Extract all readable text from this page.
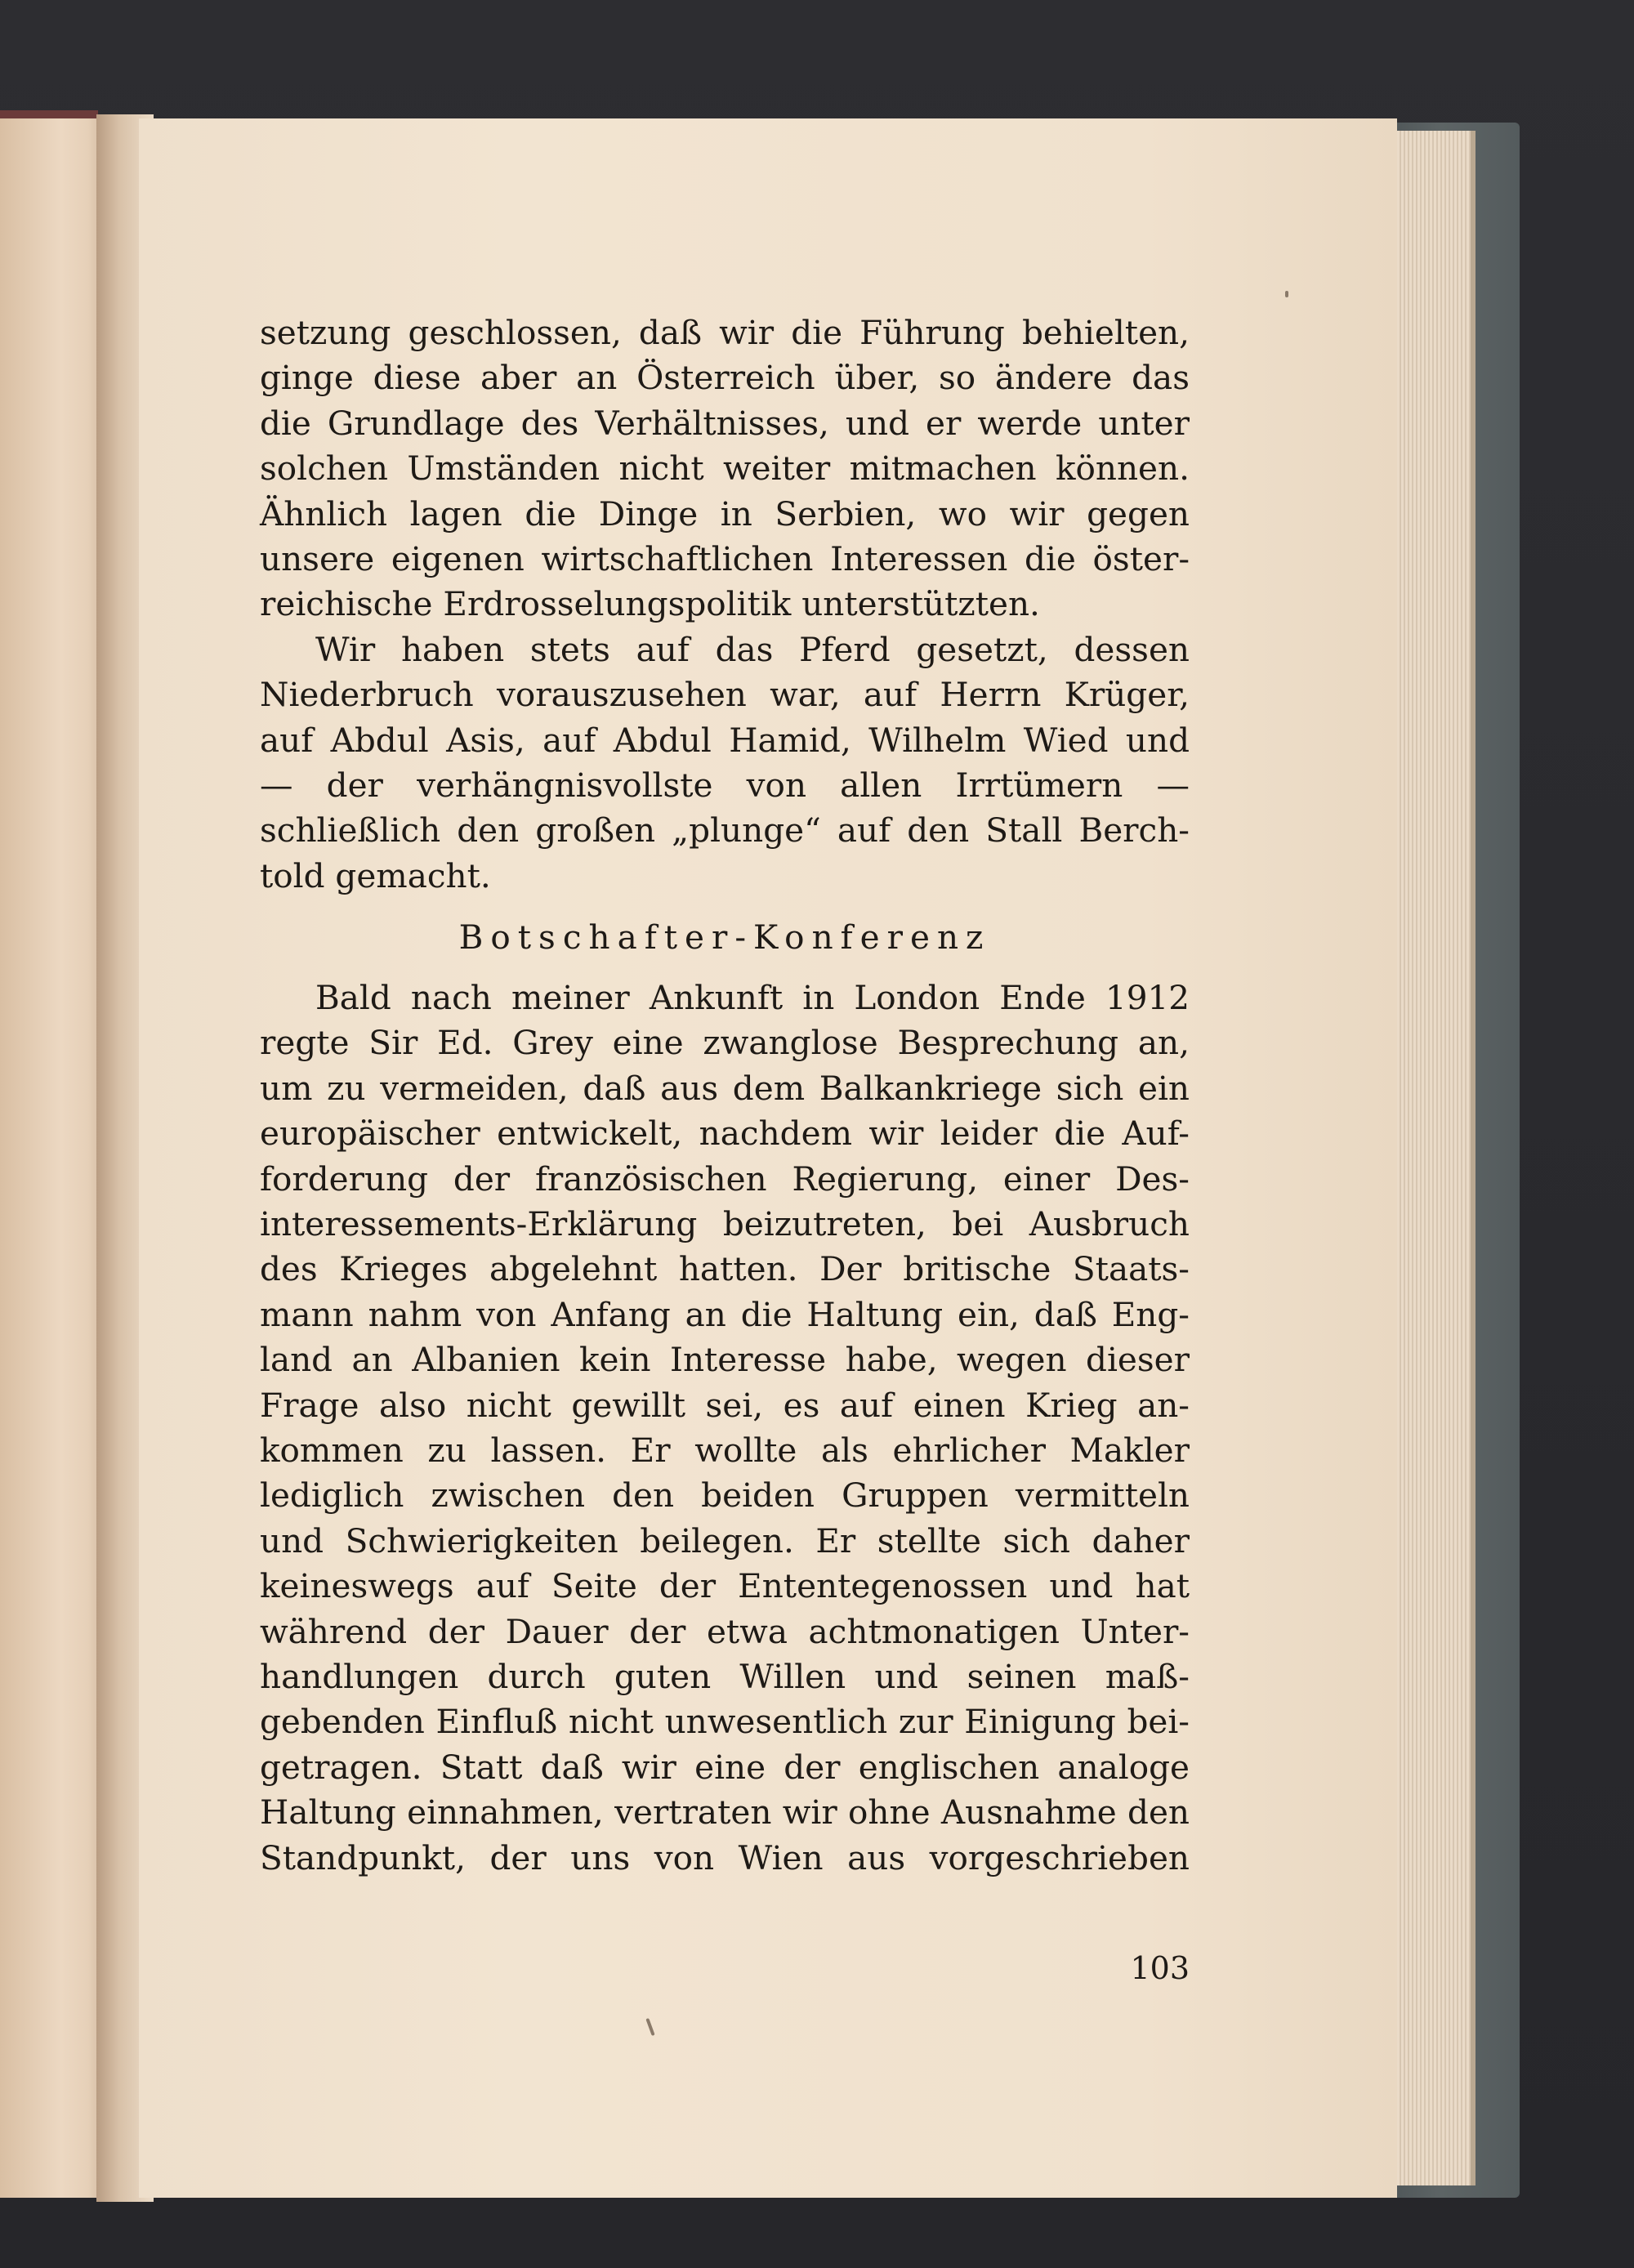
setzung geschlossen, daß wir die Führung behielten,
ginge diese aber an Österreich über, so ändere das
die Grundlage des Verhältnisses, und er werde unter
solchen Umständen nicht weiter mitmachen können.
Ähnlich lagen die Dinge in Serbien, wo wir gegen
unsere eigenen wirtschaftlichen Interessen die öster-
reichische Erdrosselungspolitik unterstützten.
Wir haben stets auf das Pferd gesetzt, dessen
Niederbruch vorauszusehen war, auf Herrn Krüger,
auf Abdul Asis, auf Abdul Hamid, Wilhelm Wied und
— der verhängnisvollste von allen Irrtümern —
schließlich den großen „plunge“ auf den Stall Berch-
told gemacht.
Botschafter-Konferenz
Bald nach meiner Ankunft in London Ende 1912
regte Sir Ed. Grey eine zwanglose Besprechung an,
um zu vermeiden, daß aus dem Balkankriege sich ein
europäischer entwickelt, nachdem wir leider die Auf-
forderung der französischen Regierung, einer Des-
interessements-Erklärung beizutreten, bei Ausbruch
des Krieges abgelehnt hatten. Der britische Staats-
mann nahm von Anfang an die Haltung ein, daß Eng-
land an Albanien kein Interesse habe, wegen dieser
Frage also nicht gewillt sei, es auf einen Krieg an-
kommen zu lassen. Er wollte als ehrlicher Makler
lediglich zwischen den beiden Gruppen vermitteln
und Schwierigkeiten beilegen. Er stellte sich daher
keineswegs auf Seite der Ententegenossen und hat
während der Dauer der etwa achtmonatigen Unter-
handlungen durch guten Willen und seinen maß-
gebenden Einfluß nicht unwesentlich zur Einigung bei-
getragen. Statt daß wir eine der englischen analoge
Haltung einnahmen, vertraten wir ohne Ausnahme den
Standpunkt, der uns von Wien aus vorgeschrieben
103
